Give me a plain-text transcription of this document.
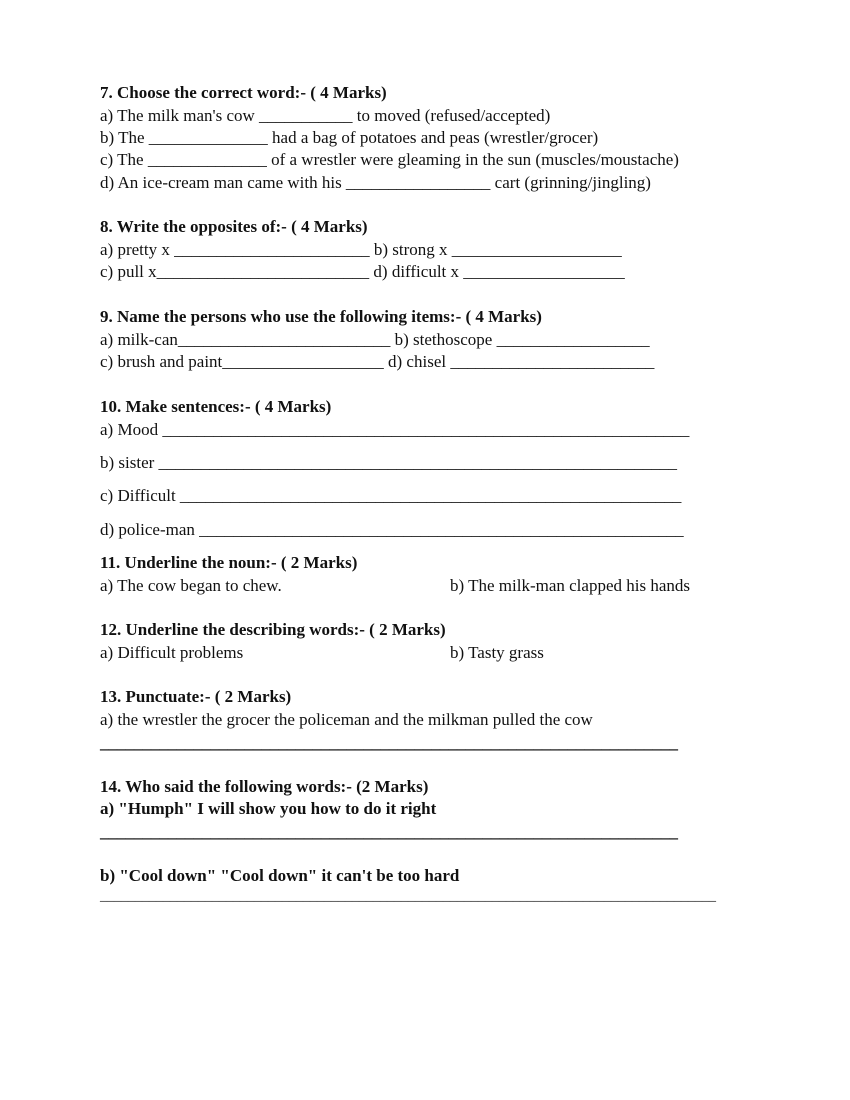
7. Choose the correct word:- ( 4 Marks)
a) The milk man's cow ___________ to moved (refused/accepted)
b) The ______________ had a bag of potatoes and peas (wrestler/grocer)
c) The ______________ of a wrestler were gleaming in the sun (muscles/moustache)
d) An ice-cream man came with his _________________ cart (grinning/jingling)
8. Write the opposites of:- ( 4 Marks)
a) pretty x _______________________ b) strong x ____________________
c) pull x_________________________ d) difficult x ___________________
9. Name the persons who use the following items:- ( 4 Marks)
a) milk-can_________________________ b) stethoscope __________________
c) brush and paint___________________ d) chisel ________________________
10. Make sentences:- ( 4 Marks)
a) Mood ______________________________________________________________
b) sister _____________________________________________________________
c) Difficult ___________________________________________________________
d) police-man _________________________________________________________
11. Underline the noun:- ( 2 Marks)
a) The cow began to chew.	b) The milk-man clapped his hands
12. Underline the describing words:- ( 2 Marks)
a) Difficult problems	b) Tasty grass
13. Punctuate:- ( 2 Marks)
a) the wrestler the grocer the policeman and the milkman pulled the cow
____________________________________________________________________
14. Who said the following words:- (2 Marks)
a) "Humph" I will show you how to do it right
____________________________________________________________________
b) "Cool down" "Cool down" it can't be too hard
________________________________________________________________________________________
